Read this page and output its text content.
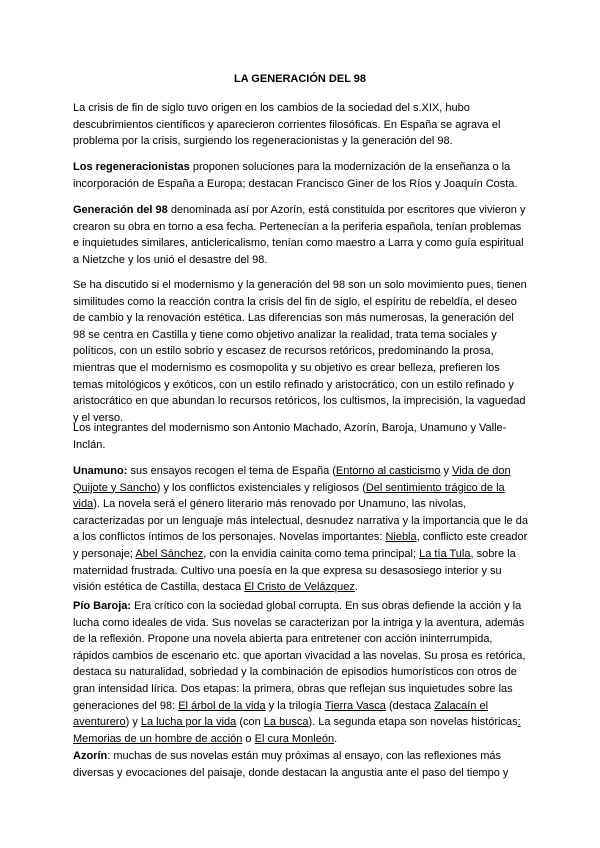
LA GENERACIÓN DEL 98

La crisis de fin de siglo tuvo origen en los cambios de la sociedad del s.XIX, hubo descubrimientos científicos y aparecieron corrientes filosóficas. En España se agrava el problema por la crisis, surgiendo los regeneracionistas y la generación del 98.

Los regeneracionistas proponen soluciones para la modernización de la enseñanza o la incorporación de España a Europa; destacan Francisco Giner de los Ríos y Joaquín Costa.

Generación del 98 denominada así por Azorín, está constituida por escritores que vivieron y crearon su obra en torno a esa fecha. Pertenecían a la periferia española, tenían problemas e inquietudes similares, anticlericalismo, tenían como maestro a Larra y como guía espiritual a Nietzche y los unió el desastre del 98.

Se ha discutido si el modernismo y la generación del 98 son un solo movimiento pues, tienen similitudes como la reacción contra la crisis del fin de siglo, el espíritu de rebeldía, el deseo de cambio y la renovación estética. Las diferencias son más numerosas, la generación del 98 se centra en Castilla y tiene como objetivo analizar la realidad, trata tema sociales y políticos, con un estilo sobrio y escasez de recursos retóricos, predominando la prosa, mientras que el modernismo es cosmopolita y su objetivo es crear belleza, prefieren los temas mitológicos y exóticos, con un estilo refinado y aristocrático, con un estilo refinado y aristocrático en que abundan lo recursos retóricos, los cultismos, la imprecisión, la vaguedad y el verso.

Los integrantes del modernismo son Antonio Machado, Azorín, Baroja, Unamuno y Valle-Inclán.

Unamuno: sus ensayos recogen el tema de España (Entorno al casticismo y Vida de don Quijote y Sancho) y los conflictos existenciales y religiosos (Del sentimiento trágico de la vida). La novela será el género literario más renovado por Unamuno, las nivolas, caracterizadas por un lenguaje más intelectual, desnudez narrativa y la importancia que le da a los conflictos íntimos de los personajes. Novelas importantes: Niebla, conflicto este creador y personaje; Abel Sánchez, con la envidia cainita como tema principal; La tía Tula, sobre la maternidad frustrada. Cultivo una poesía en la que expresa su desasosiego interior y su visión estética de Castilla, destaca El Cristo de Velázquez.

Pío Baroja: Era crítico con la sociedad global corrupta. En sus obras defiende la acción y la lucha como ideales de vida. Sus novelas se caracterizan por la intriga y la aventura, además de la reflexión. Propone una novela abierta para entretener con acción ininterrumpida, rápidos cambios de escenario etc. que aportan vivacidad a las novelas. Su prosa es retórica, destaca su naturalidad, sobriedad y la combinación de episodios humorísticos con otros de gran intensidad lírica. Dos etapas: la primera, obras que reflejan sus inquietudes sobre las generaciones del 98: El árbol de la vida y la trilogía Tierra Vasca (destaca Zalacaín el aventurero) y La lucha por la vida (con La busca). La segunda etapa son novelas históricas: Memorias de un hombre de acción o El cura Monleón.

Azorín: muchas de sus novelas están muy próximas al ensayo, con las reflexiones más diversas y evocaciones del paisaje, donde destacan la angustia ante el paso del tiempo y
